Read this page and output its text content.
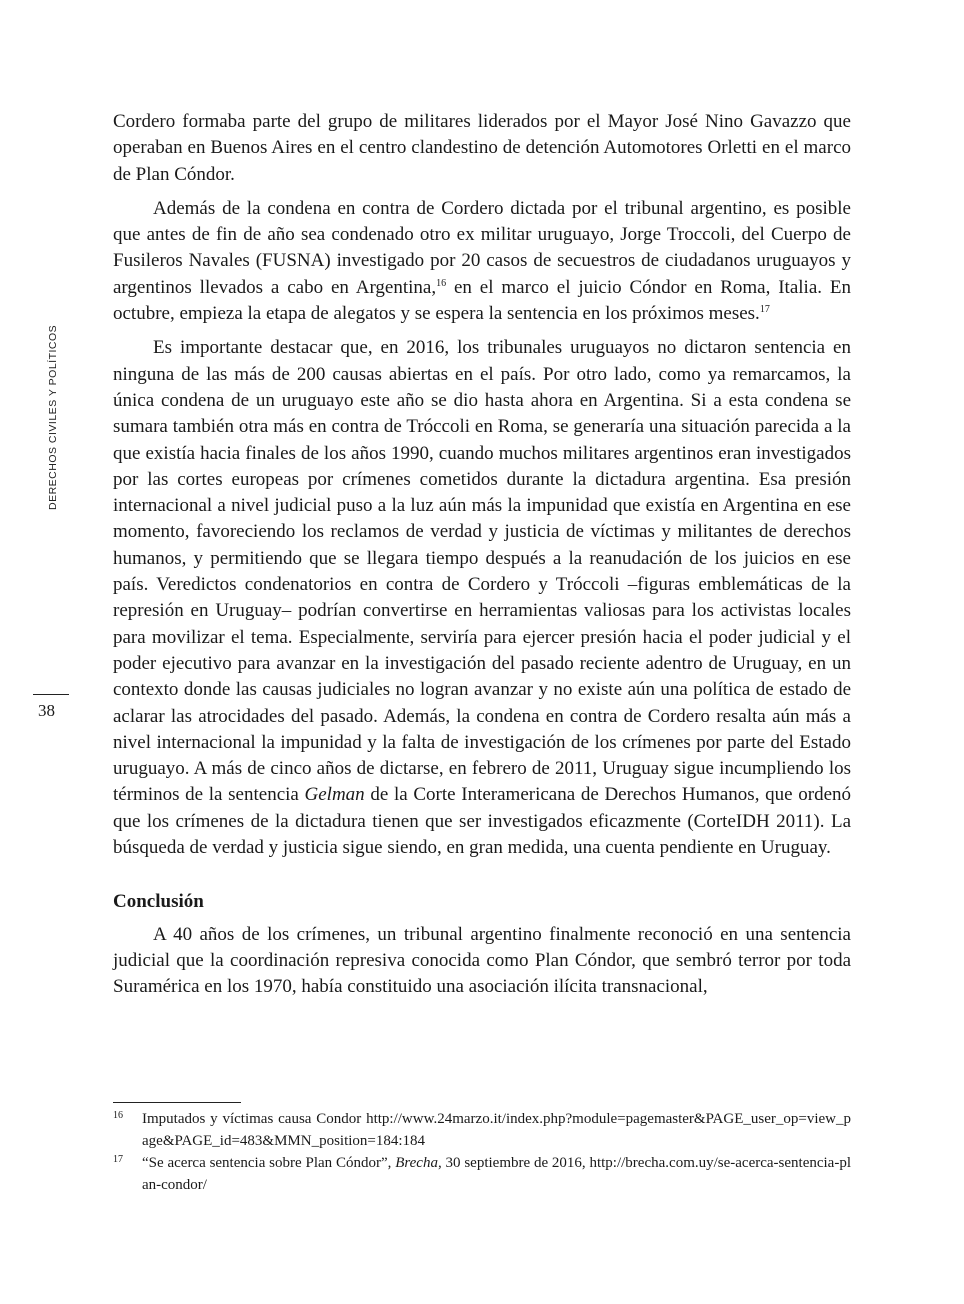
DERECHOS CIVILES Y POLÍTICOS
38

Cordero formaba parte del grupo de militares liderados por el Mayor José Nino Gavazzo que operaban en Buenos Aires en el centro clandestino de detención Automotores Orletti en el marco de Plan Cóndor.

Además de la condena en contra de Cordero dictada por el tribunal argentino, es posible que antes de fin de año sea condenado otro ex militar uruguayo, Jorge Troccoli, del Cuerpo de Fusileros Navales (FUSNA) investigado por 20 casos de secuestros de ciudadanos uruguayos y argentinos llevados a cabo en Argentina,$^{16}$ en el marco el juicio Cóndor en Roma, Italia. En octubre, empieza la etapa de alegatos y se espera la sentencia en los próximos meses.$^{17}$

Es importante destacar que, en 2016, los tribunales uruguayos no dictaron sentencia en ninguna de las más de 200 causas abiertas en el país. Por otro lado, como ya remarcamos, la única condena de un uruguayo este año se dio hasta ahora en Argentina. Si a esta condena se sumara también otra más en contra de Tróccoli en Roma, se generaría una situación parecida a la que existía hacia finales de los años 1990, cuando muchos militares argentinos eran investigados por las cortes europeas por crímenes cometidos durante la dictadura argentina. Esa presión internacional a nivel judicial puso a la luz aún más la impunidad que existía en Argentina en ese momento, favoreciendo los reclamos de verdad y justicia de víctimas y militantes de derechos humanos, y permitiendo que se llegara tiempo después a la reanudación de los juicios en ese país. Veredictos condenatorios en contra de Cordero y Tróccoli –figuras emblemáticas de la represión en Uruguay– podrían convertirse en herramientas valiosas para los activistas locales para movilizar el tema. Especialmente, serviría para ejercer presión hacia el poder judicial y el poder ejecutivo para avanzar en la investigación del pasado reciente adentro de Uruguay, en un contexto donde las causas judiciales no logran avanzar y no existe aún una política de estado de aclarar las atrocidades del pasado. Además, la condena en contra de Cordero resalta aún más a nivel internacional la impunidad y la falta de investigación de los crímenes por parte del Estado uruguayo. A más de cinco años de dictarse, en febrero de 2011, Uruguay sigue incumpliendo los términos de la sentencia Gelman de la Corte Interamericana de Derechos Humanos, que ordenó que los crímenes de la dictadura tienen que ser investigados eficazmente (CorteIDH 2011). La búsqueda de verdad y justicia sigue siendo, en gran medida, una cuenta pendiente en Uruguay.

Conclusión

A 40 años de los crímenes, un tribunal argentino finalmente reconoció en una sentencia judicial que la coordinación represiva conocida como Plan Cóndor, que sembró terror por toda Suramérica en los 1970, había constituido una asociación ilícita transnacional,

16 Imputados y víctimas causa Condor http://www.24marzo.it/index.php?module=pagemaster&PAGE_user_op=view_page&PAGE_id=483&MMN_position=184:184

17 “Se acerca sentencia sobre Plan Cóndor”, Brecha, 30 septiembre de 2016, http://brecha.com.uy/se-acerca-sentencia-plan-condor/
